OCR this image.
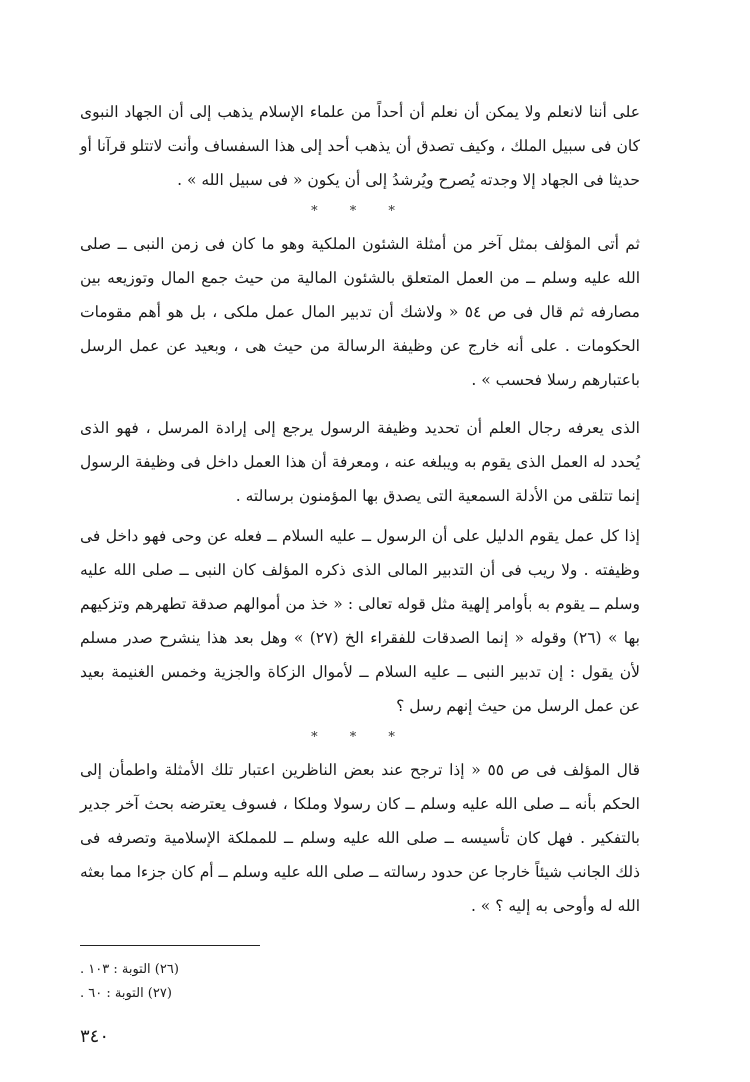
على أننا لانعلم ولا يمكن أن نعلم أن أحداً من علماء الإسلام يذهب إلى أن الجهاد النبوى كان فى سبيل الملك ، وكيف تصدق أن يذهب أحد إلى هذا السفساف وأنت لاتتلو قرآنا أو حديثا فى الجهاد إلا وجدته يُصرح ويُرشدُ إلى أن يكون « فى سبيل الله » .

* * *

ثم أتى المؤلف بمثل آخر من أمثلة الشئون الملكية وهو ما كان فى زمن النبى ــ صلى الله عليه وسلم ــ من العمل المتعلق بالشئون المالية من حيث جمع المال وتوزيعه بين مصارفه ثم قال فى ص ٥٤ « ولاشك أن تدبير المال عمل ملكى ، بل هو أهم مقومات الحكومات . على أنه خارج عن وظيفة الرسالة من حيث هى ، وبعيد عن عمل الرسل باعتبارهم رسلا فحسب » .

الذى يعرفه رجال العلم أن تحديد وظيفة الرسول يرجع إلى إرادة المرسل ، فهو الذى يُحدد له العمل الذى يقوم به ويبلغه عنه ، ومعرفة أن هذا العمل داخل فى وظيفة الرسول إنما تتلقى من الأدلة السمعية التى يصدق بها المؤمنون برسالته .

إذا كل عمل يقوم الدليل على أن الرسول ــ عليه السلام ــ فعله عن وحى فهو داخل فى وظيفته . ولا ريب فى أن التدبير المالى الذى ذكره المؤلف كان النبى ــ صلى الله عليه وسلم ــ يقوم به بأوامر إلهية مثل قوله تعالى : « خذ من أموالهم صدقة تطهرهم وتزكيهم بها » (٢٦) وقوله « إنما الصدقات للفقراء الخ (٢٧) » وهل بعد هذا ينشرح صدر مسلم لأن يقول : إن تدبير النبى ــ عليه السلام ــ لأموال الزكاة والجزية وخمس الغنيمة بعيد عن عمل الرسل من حيث إنهم رسل ؟

* * *

قال المؤلف فى ص ٥٥ « إذا ترجح عند بعض الناظرين اعتبار تلك الأمثلة واطمأن إلى الحكم بأنه ــ صلى الله عليه وسلم ــ كان رسولا وملكا ، فسوف يعترضه بحث آخر جدير بالتفكير . فهل كان تأسيسه ــ صلى الله عليه وسلم ــ للمملكة الإسلامية وتصرفه فى ذلك الجانب شيئاً خارجا عن حدود رسالته ــ صلى الله عليه وسلم ــ أم كان جزءا مما بعثه الله له وأوحى به إليه ؟ » .

(٢٦) التوبة : ١٠٣ .
(٢٧) التوبة : ٦٠ .
٣٤٠
